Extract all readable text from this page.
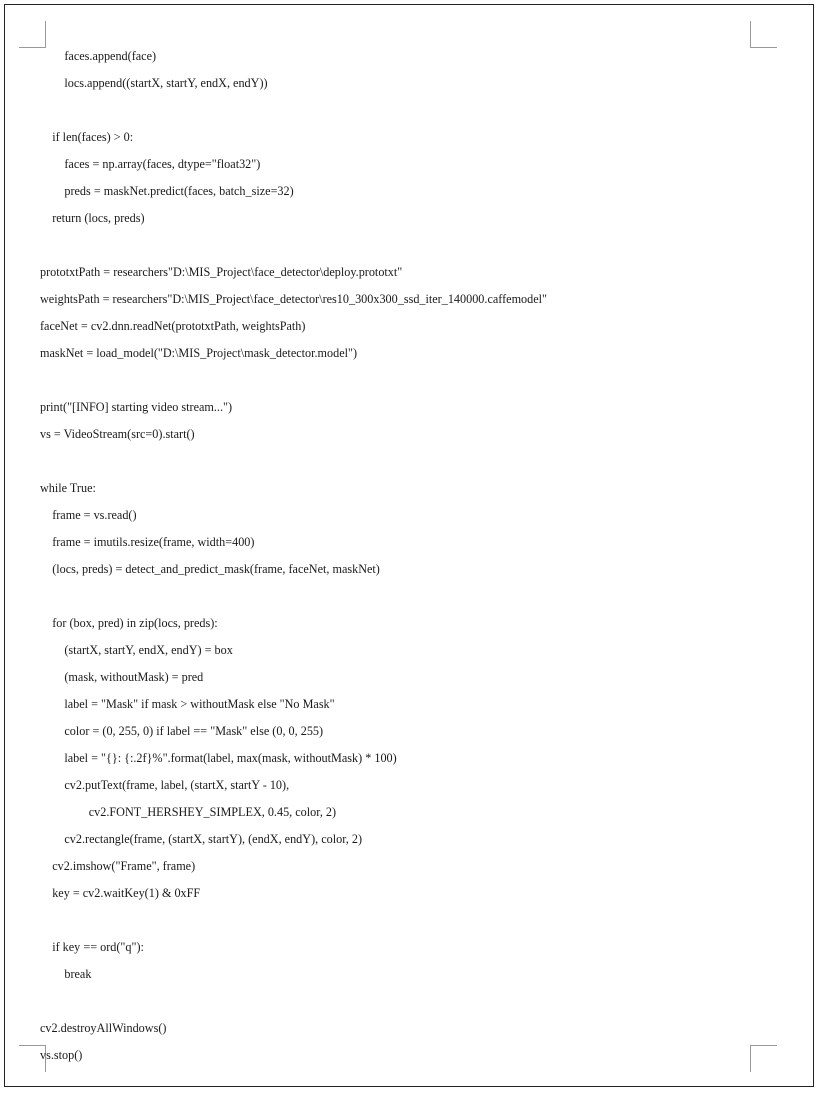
faces.append(face)
locs.append((startX, startY, endX, endY))
if len(faces) > 0:
faces = np.array(faces, dtype="float32")
preds = maskNet.predict(faces, batch_size=32)
return (locs, preds)
prototxtPath = researchers"D:\MIS_Project\face_detector\deploy.prototxt"
weightsPath = researchers"D:\MIS_Project\face_detector\res10_300x300_ssd_iter_140000.caffemodel"
faceNet = cv2.dnn.readNet(prototxtPath, weightsPath)
maskNet = load_model("D:\MIS_Project\mask_detector.model")
print("[INFO] starting video stream...")
vs = VideoStream(src=0).start()
while True:
frame = vs.read()
frame = imutils.resize(frame, width=400)
(locs, preds) = detect_and_predict_mask(frame, faceNet, maskNet)
for (box, pred) in zip(locs, preds):
(startX, startY, endX, endY) = box
(mask, withoutMask) = pred
label = "Mask" if mask > withoutMask else "No Mask"
color = (0, 255, 0) if label == "Mask" else (0, 0, 255)
label = "{}: {:.2f}%".format(label, max(mask, withoutMask) * 100)
cv2.putText(frame, label, (startX, startY - 10),
cv2.FONT_HERSHEY_SIMPLEX, 0.45, color, 2)
cv2.rectangle(frame, (startX, startY), (endX, endY), color, 2)
cv2.imshow("Frame", frame)
key = cv2.waitKey(1) & 0xFF
if key == ord("q"):
break
cv2.destroyAllWindows()
vs.stop()
